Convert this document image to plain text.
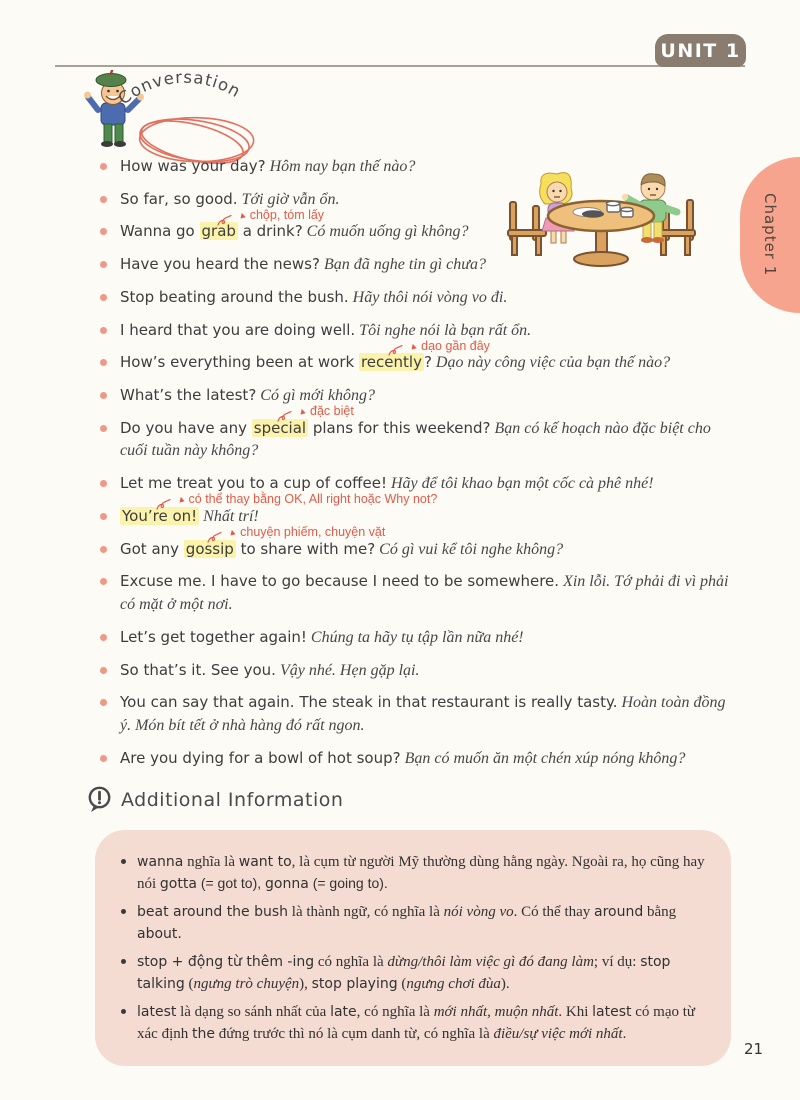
UNIT 1
Chapter 1
Conversation
How was your day? Hôm nay bạn thế nào?
So far, so good. Tới giờ vẫn ổn.
Wanna go grab
▲ chộp, tóm lấy
a drink? Có muốn uống gì không?
Have you heard the news? Bạn đã nghe tin gì chưa?
Stop beating around the bush. Hãy thôi nói vòng vo đi.
I heard that you are doing well. Tôi nghe nói là bạn rất ổn.
How’s everything been at work recently
▲ dạo gần đây
? Dạo này công việc của bạn thế nào?
What’s the latest? Có gì mới không?
Do you have any special
▲ đặc biệt
plans for this weekend? Bạn có kế hoạch nào đặc biệt cho cuối tuần này không?
Let me treat you to a cup of coffee! Hãy để tôi khao bạn một cốc cà phê nhé!
You’re on!
▲ có thể thay bằng OK, All right hoặc Why not?
Nhất trí!
Got any gossip
▲ chuyện phiếm, chuyện vặt
to share with me? Có gì vui kể tôi nghe không?
Excuse me. I have to go because I need to be somewhere. Xin lỗi. Tớ phải đi vì phải có mặt ở một nơi.
Let’s get together again! Chúng ta hãy tụ tập lần nữa nhé!
So that’s it. See you. Vậy nhé. Hẹn gặp lại.
You can say that again. The steak in that restaurant is really tasty. Hoàn toàn đồng ý. Món bít tết ở nhà hàng đó rất ngon.
Are you dying for a bowl of hot soup? Bạn có muốn ăn một chén xúp nóng không?
Additional Information
wanna nghĩa là want to, là cụm từ người Mỹ thường dùng hằng ngày. Ngoài ra, họ cũng hay nói gotta (= got to), gonna (= going to).
beat around the bush là thành ngữ, có nghĩa là nói vòng vo. Có thể thay around bằng about.
stop + động từ thêm -ing có nghĩa là dừng/thôi làm việc gì đó đang làm; ví dụ: stop talking (ngưng trò chuyện), stop playing (ngưng chơi đùa).
latest là dạng so sánh nhất của late, có nghĩa là mới nhất, muộn nhất. Khi latest có mạo từ xác định the đứng trước thì nó là cụm danh từ, có nghĩa là điều/sự việc mới nhất.
21
